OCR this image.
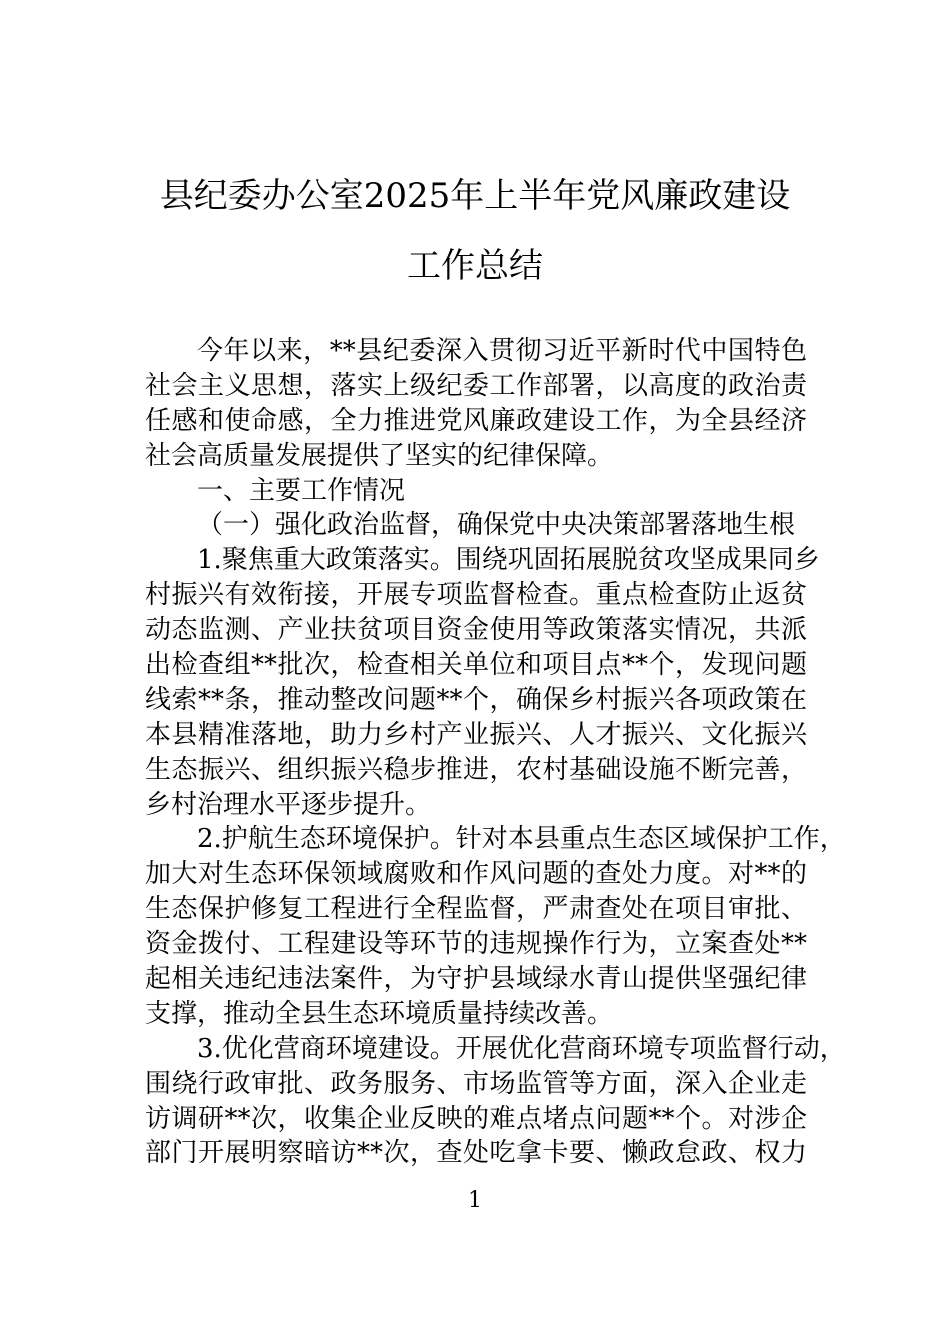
县纪委办公室2025年上半年党风廉政建设
工作总结
今年以来，**县纪委深入贯彻习近平新时代中国特色
社会主义思想，落实上级纪委工作部署，以高度的政治责
任感和使命感，全力推进党风廉政建设工作，为全县经济
社会高质量发展提供了坚实的纪律保障。
一、主要工作情况
（一）强化政治监督，确保党中央决策部署落地生根
1.聚焦重大政策落实。围绕巩固拓展脱贫攻坚成果同乡
村振兴有效衔接，开展专项监督检查。重点检查防止返贫
动态监测、产业扶贫项目资金使用等政策落实情况，共派
出检查组**批次，检查相关单位和项目点**个，发现问题
线索**条，推动整改问题**个，确保乡村振兴各项政策在
本县精准落地，助力乡村产业振兴、人才振兴、文化振兴
生态振兴、组织振兴稳步推进，农村基础设施不断完善，
乡村治理水平逐步提升。
2.护航生态环境保护。针对本县重点生态区域保护工作，
加大对生态环保领域腐败和作风问题的查处力度。对**的
生态保护修复工程进行全程监督，严肃查处在项目审批、
资金拨付、工程建设等环节的违规操作行为，立案查处**
起相关违纪违法案件，为守护县域绿水青山提供坚强纪律
支撑，推动全县生态环境质量持续改善。
3.优化营商环境建设。开展优化营商环境专项监督行动，
围绕行政审批、政务服务、市场监管等方面，深入企业走
访调研**次，收集企业反映的难点堵点问题**个。对涉企
部门开展明察暗访**次，查处吃拿卡要、懒政怠政、权力
1
